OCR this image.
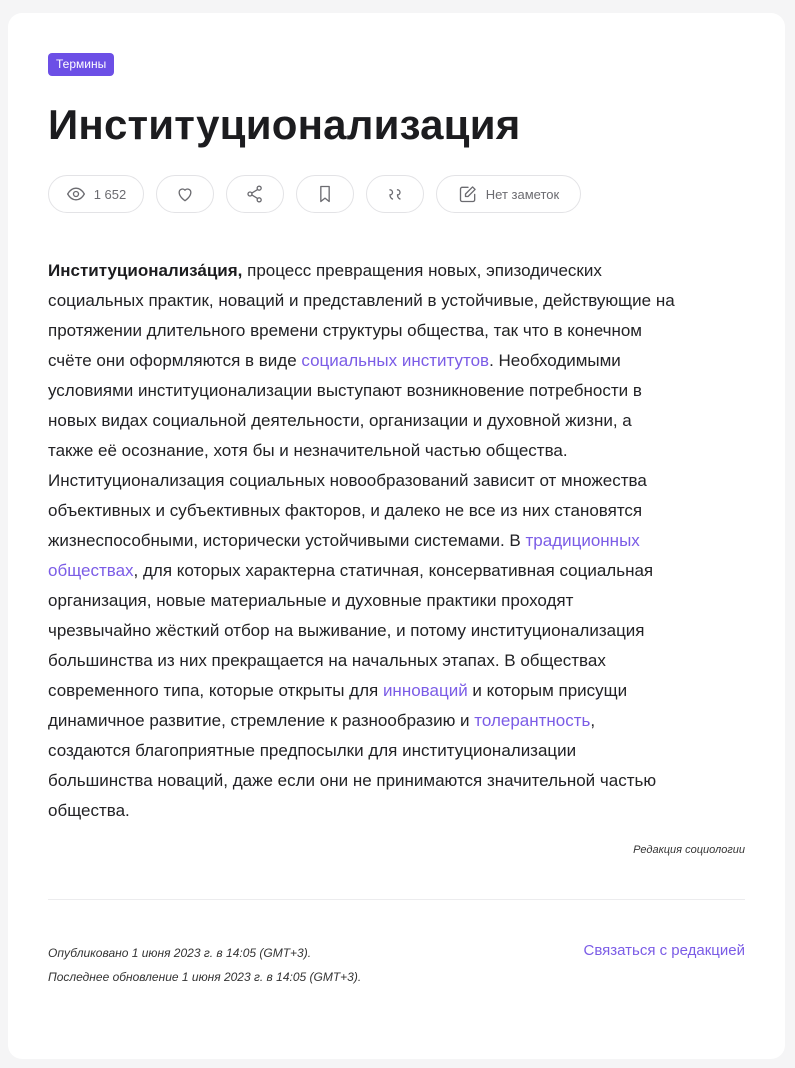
Термины
Институционализация
1 652	Нет заметок

Институционализа́ция, процесс превращения новых, эпизодических
социальных практик, новаций и представлений в устойчивые, действующие на
протяжении длительного времени структуры общества, так что в конечном
счёте они оформляются в виде социальных институтов. Необходимыми
условиями институционализации выступают возникновение потребности в
новых видах социальной деятельности, организации и духовной жизни, а
также её осознание, хотя бы и незначительной частью общества.
Институционализация социальных новообразований зависит от множества
объективных и субъективных факторов, и далеко не все из них становятся
жизнеспособными, исторически устойчивыми системами. В традиционных
обществах, для которых характерна статичная, консервативная социальная
организация, новые материальные и духовные практики проходят
чрезвычайно жёсткий отбор на выживание, и потому институционализация
большинства из них прекращается на начальных этапах. В обществах
современного типа, которые открыты для инноваций и которым присущи
динамичное развитие, стремление к разнообразию и толерантность,
создаются благоприятные предпосылки для институционализации
большинства новаций, даже если они не принимаются значительной частью
общества.

Редакция социологии
Опубликовано 1 июня 2023 г. в 14:05 (GMT+3).
Последнее обновление 1 июня 2023 г. в 14:05 (GMT+3).
Связаться с редакцией
